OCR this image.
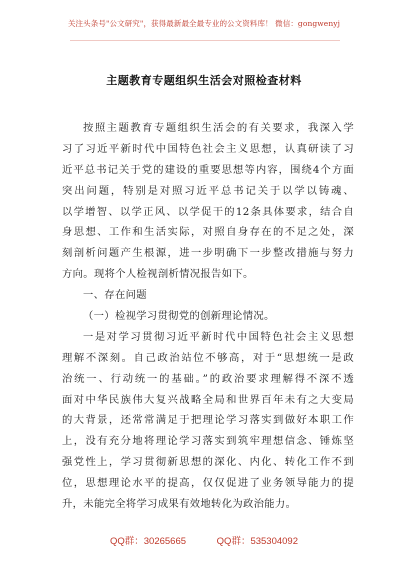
关注头条号"公文研究"，获得最新最全最专业的公文资料库！ 微信：gongwenyj
主题教育专题组织生活会对照检查材料
按照主题教育专题组织生活会的有关要求，我深入学
习了习近平新时代中国特色社会主义思想，认真研读了习
近平总书记关于党的建设的重要思想等内容，围绕4个方面
突出问题，特别是对照习近平总书记关于以学以铸魂、
以学增智、以学正风、以学促干的12条具体要求，结合自
身思想、工作和生活实际，对照自身存在的不足之处，深
刻剖析问题产生根源，进一步明确下一步整改措施与努力
方向。现将个人检视剖析情况报告如下。
一、存在问题
（一）检视学习贯彻党的创新理论情况。
一是对学习贯彻习近平新时代中国特色社会主义思想
理解不深刻。自己政治站位不够高，对于“思想统一是政
治统一、行动统一的基础。”的政治要求理解得不深不透
面对中华民族伟大复兴战略全局和世界百年未有之大变局
的大背景，还常常满足于把理论学习落实到做好本职工作
上，没有充分地将理论学习落实到筑牢理想信念、锤炼坚
强党性上，学习贯彻新思想的深化、内化、转化工作不到
位，思想理论水平的提高，仅仅促进了业务领导能力的提
升，未能完全将学习成果有效地转化为政治能力。
QQ群：30265665	QQ群：535304092
